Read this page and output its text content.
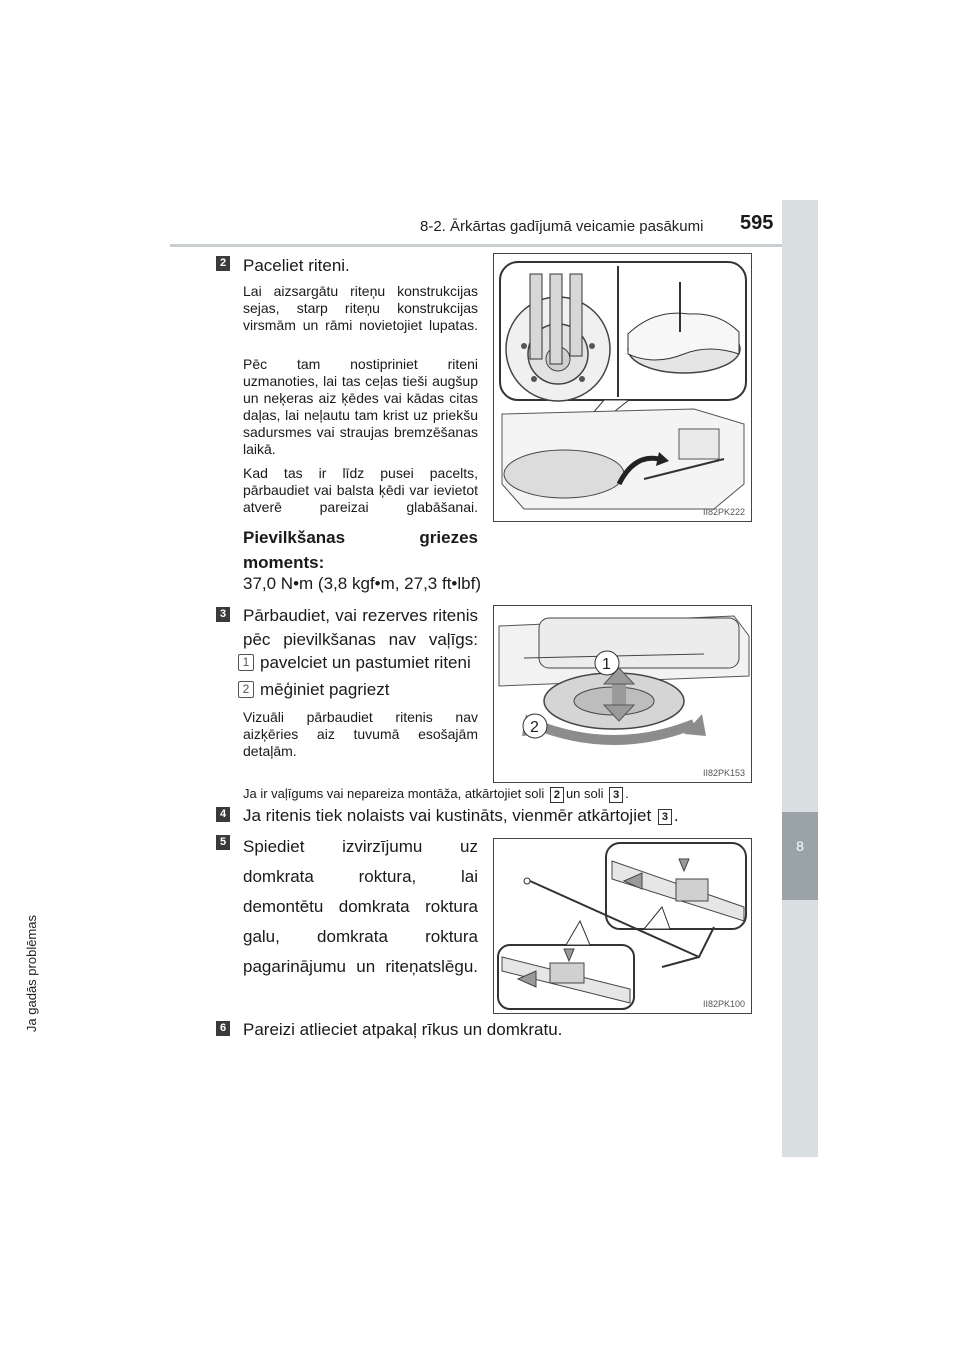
8-2. Ārkārtas gadījumā veicamie pasākumi 595
8
Ja gadās problēmas
2 Paceliet riteni.
Lai aizsargātu riteņu konstrukcijas sejas, starp riteņu konstrukcijas virsmām un rāmi novietojiet lupatas.
Pēc tam nostipriniet riteni uzmanoties, lai tas ceļas tieši augšup un neķeras aiz ķēdes vai kādas citas daļas, lai neļautu tam krist uz priekšu sadursmes vai straujas bremzēšanas laikā.
Kad tas ir līdz pusei pacelts, pārbaudiet vai balsta ķēdi var ievietot atverē pareizai glabāšanai.
Pievilkšanas griezes moments:
37,0 N•m (3,8 kgf•m, 27,3 ft•lbf)
II82PK222
3 Pārbaudiet, vai rezerves ritenis pēc pievilkšanas nav vaļīgs:
1 pavelciet un pastumiet riteni
2 mēģiniet pagriezt
Vizuāli pārbaudiet ritenis nav aizķēries aiz tuvumā esošajām detaļām.
1
2
II82PK153
Ja ir vaļīgums vai nepareiza montāža, atkārtojiet soli 2 un soli 3 .
4 Ja ritenis tiek nolaists vai kustināts, vienmēr atkārtojiet 3 .
5 Spiediet izvirzījumu uz domkrata roktura, lai demontētu domkrata roktura galu, domkrata roktura pagarinājumu un riteņatslēgu.
II82PK100
6 Pareizi atlieciet atpakaļ rīkus un domkratu.
